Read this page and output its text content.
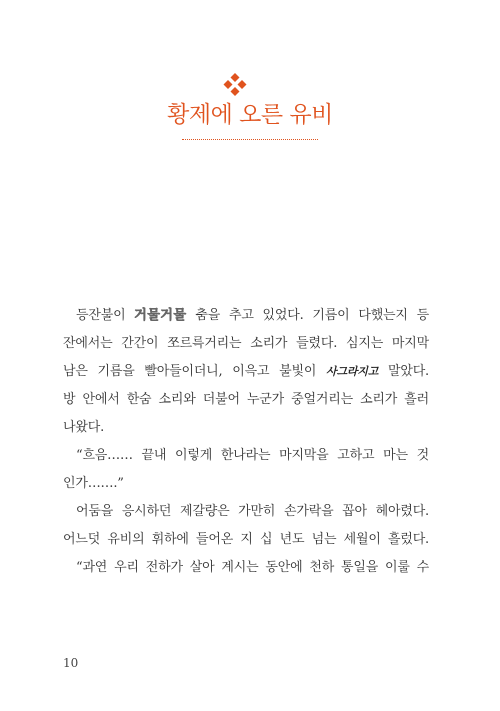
황제에 오른 유비
등잔불이 거물거물 춤을 추고 있었다. 기름이 다했는지 등
잔에서는 간간이 쪼르륵거리는 소리가 들렸다. 심지는 마지막
남은 기름을 빨아들이더니, 이윽고 불빛이 사그라지고 말았다.
방 안에서 한숨 소리와 더불어 누군가 중얼거리는 소리가 흘러
나왔다.
“흐음…… 끝내 이렇게 한나라는 마지막을 고하고 마는 것
인가…….”
어둠을 응시하던 제갈량은 가만히 손가락을 꼽아 헤아렸다.
어느덧 유비의 휘하에 들어온 지 십 년도 넘는 세월이 흘렀다.
“과연 우리 전하가 살아 계시는 동안에 천하 통일을 이룰 수
10
